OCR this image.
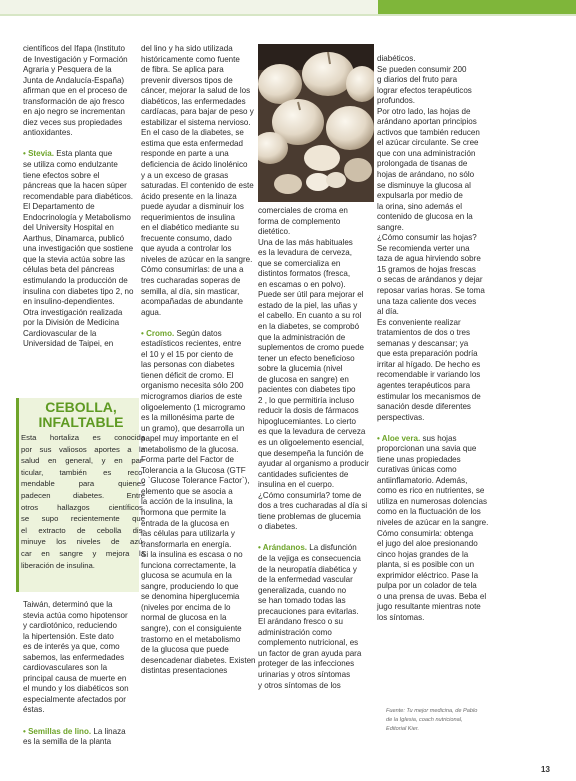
científicos del Ifapa (Instituto

de Investigación y Formación

Agraria y Pesquera de la

Junta de Andalucía-España)

afirman que en el proceso de

transformación de ajo fresco

en ajo negro se incrementan

diez veces sus propiedades

antioxidantes.

• Stevia. Esta planta que

se utiliza como endulzante

tiene efectos sobre el

páncreas que la hacen súper

recomendable para diabéticos.

El Departamento de

Endocrinología y Metabolismo

del University Hospital en

Aarthus, Dinamarca, publicó

una investigación que sostiene

que la stevia actúa sobre las

células beta del páncreas

estimulando la producción de

insulina con diabetes tipo 2, no

en insulino-dependientes.

Otra investigación realizada

por la División de Medicina

Cardiovascular de la

Universidad de Taipei, en

CEBOLLA,
INFALTABLE

Esta hortaliza es conocida

por sus valiosos aportes a la

salud en general, y en par-

ticular, también es reco-

mendable para quienes

padecen diabetes. Entre

otros hallazgos científicos,

se supo recientemente que

el extracto de cebolla dis-

minuye los niveles de azú-

car en sangre y mejora la

liberación de insulina.

Taiwán, determinó que la

stevia actúa como hipotensor

y cardiotónico, reduciendo

la hipertensión. Este dato

es de interés ya que, como

sabemos, las enfermedades

cardiovasculares son la

principal causa de muerte en

el mundo y los diabéticos son

especialmente afectados por

éstas.

• Semillas de lino. La linaza

es la semilla de la planta

del lino y ha sido utilizada

históricamente como fuente

de fibra. Se aplica para

prevenir diversos tipos de

cáncer, mejorar la salud de los

diabéticos, las enfermedades

cardíacas, para bajar de peso y

estabilizar el sistema nervioso.

En el caso de la diabetes, se

estima que esta enfermedad

responde en parte a una

deficiencia de ácido linolénico

y a un exceso de grasas

saturadas. El contenido de este

ácido presente en la linaza

puede ayudar a disminuir los

requerimientos de insulina

en el diabético mediante su

frecuente consumo, dado

que ayuda a controlar los

niveles de azúcar en la sangre.

Cómo consumirlas: de una a

tres cucharadas soperas de

semilla, al día, sin masticar,

acompañadas de abundante

agua.

• Cromo. Según datos

estadísticos recientes, entre

el 10 y el 15 por ciento de

las personas con diabetes

tienen déficit de cromo. El

organismo necesita sólo 200

microgramos diarios de este

oligoelemento (1 microgramo

es la millonésima parte de

un gramo), que desarrolla un

papel muy importante en el

metabolismo de la glucosa.

Forma parte del Factor de

Tolerancia a la Glucosa (GTF

o `Glucose Tolerance Factor`),

elemento que se asocia a

la acción de la insulina, la

hormona que permite la

entrada de la glucosa en

las células para utilizarla y

transformarla en energía.

Si la insulina es escasa o no

funciona correctamente, la

glucosa se acumula en la

sangre, produciendo lo que

se denomina hiperglucemia

(niveles por encima de lo

normal de glucosa en la

sangre), con el consiguiente

trastorno en el metabolismo

de la glucosa que puede

desencadenar diabetes. Existen

distintas presentaciones

comerciales de croma en

forma de complemento

dietético.

Una de las más habituales

es la levadura de cerveza,

que se comercializa en

distintos formatos (fresca,

en escamas o en polvo).

Puede ser útil para mejorar el

estado de la piel, las uñas y

el cabello. En cuanto a su rol

en la diabetes, se comprobó

que la administración de

suplementos de cromo puede

tener un efecto beneficioso

sobre la glucemia (nivel

de glucosa en sangre) en

pacientes con diabetes tipo

2 , lo que permitiría incluso

reducir la dosis de fármacos

hipoglucemiantes. Lo cierto

es que la levadura de cerveza

es un oligoelemento esencial,

que desempeña la función de

ayudar al organismo a producir

cantidades suficientes de

insulina en el cuerpo.

¿Cómo consumirla? tome de

dos a tres cucharadas al día si

tiene problemas de glucemia

o diabetes.

• Arándanos. La disfunción

de la vejiga es consecuencia

de la neuropatía diabética y

de la enfermedad vascular

generalizada, cuando no

se han tomado todas las

precauciones para evitarlas.

El arándano fresco o su

administración como

complemento nutricional, es

un factor de gran ayuda para

proteger de las infecciones

urinarias y otros síntomas

y otros síntomas de los

diabéticos.

Se pueden consumir 200

g diarios del fruto para

lograr efectos terapéuticos

profundos.

Por otro lado, las hojas de

arándano aportan principios

activos que también reducen

el azúcar circulante. Se cree

que con una administración

prolongada de tisanas de

hojas de arándano, no sólo

se disminuye la glucosa al

expulsarla por medio de

la orina, sino además el

contenido de glucosa en la

sangre.

¿Cómo consumir las hojas?

Se recomienda verter una

taza de agua hirviendo sobre

15 gramos de hojas frescas

o secas de arándanos y dejar

reposar varias horas. Se toma

una taza caliente dos veces

al día.

Es conveniente realizar

tratamientos de dos o tres

semanas y descansar; ya

que esta preparación podría

irritar al hígado. De hecho es

recomendable ir variando los

agentes terapéuticos para

estimular los mecanismos de

sanación desde diferentes

perspectivas.

• Aloe vera. sus hojas

proporcionan una savia que

tiene unas propiedades

curativas únicas como

antiinflamatorio. Además,

como es rico en nutrientes, se

utiliza en numerosas dolencias

como en la fluctuación de los

niveles de azúcar en la sangre.

Cómo consumirla: obtenga

el jugo del aloe presionando

cinco hojas grandes de la

planta, si es posible con un

exprimidor eléctrico. Pase la

pulpa por un colador de tela

o una prensa de uvas. Beba el

jugo resultante mientras note

los síntomas.

Fuente: Tu mejor medicina, de Pablo
de la Iglesia, coach nutricional,
Editorial Kier.
13
